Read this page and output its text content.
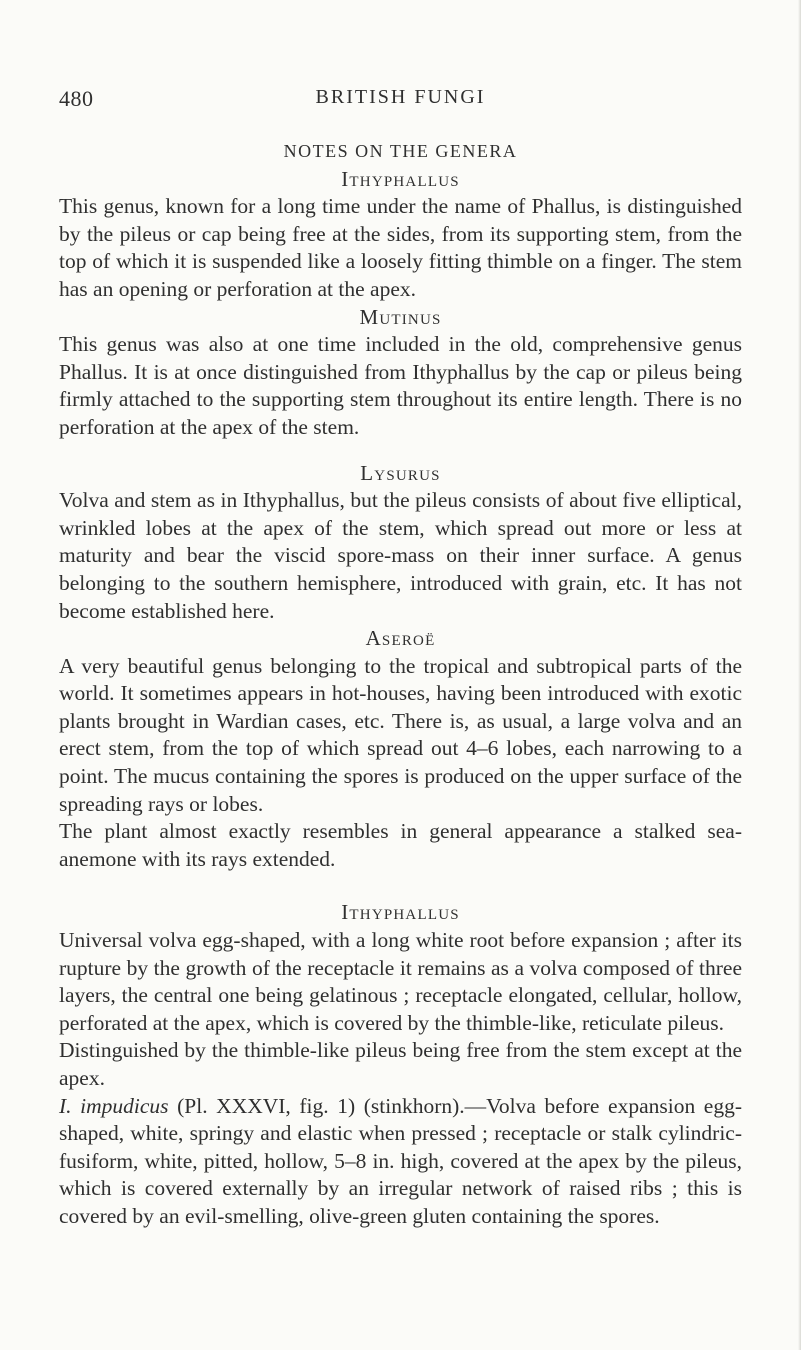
480	BRITISH FUNGI

NOTES ON THE GENERA

Ithyphallus

This genus, known for a long time under the name of Phallus, is distinguished by the pileus or cap being free at the sides, from its supporting stem, from the top of which it is suspended like a loosely fitting thimble on a finger. The stem has an opening or perforation at the apex.

Mutinus

This genus was also at one time included in the old, comprehensive genus Phallus. It is at once distinguished from Ithyphallus by the cap or pileus being firmly attached to the supporting stem throughout its entire length. There is no perforation at the apex of the stem.

Lysurus

Volva and stem as in Ithyphallus, but the pileus consists of about five elliptical, wrinkled lobes at the apex of the stem, which spread out more or less at maturity and bear the viscid spore-mass on their inner surface. A genus belonging to the southern hemisphere, introduced with grain, etc. It has not become established here.

Aseroë

A very beautiful genus belonging to the tropical and subtropical parts of the world. It sometimes appears in hot-houses, having been introduced with exotic plants brought in Wardian cases, etc. There is, as usual, a large volva and an erect stem, from the top of which spread out 4–6 lobes, each narrowing to a point. The mucus containing the spores is produced on the upper surface of the spreading rays or lobes.

The plant almost exactly resembles in general appearance a stalked sea-anemone with its rays extended.

Ithyphallus

Universal volva egg-shaped, with a long white root before expansion ; after its rupture by the growth of the receptacle it remains as a volva composed of three layers, the central one being gelatinous ; receptacle elongated, cellular, hollow, perforated at the apex, which is covered by the thimble-like, reticulate pileus.

Distinguished by the thimble-like pileus being free from the stem except at the apex.

I. impudicus (Pl. XXXVI, fig. 1) (stinkhorn).—Volva before expansion egg-shaped, white, springy and elastic when pressed ; receptacle or stalk cylindric-fusiform, white, pitted, hollow, 5–8 in. high, covered at the apex by the pileus, which is covered externally by an irregular network of raised ribs ; this is covered by an evil-smelling, olive-green gluten containing the spores.
